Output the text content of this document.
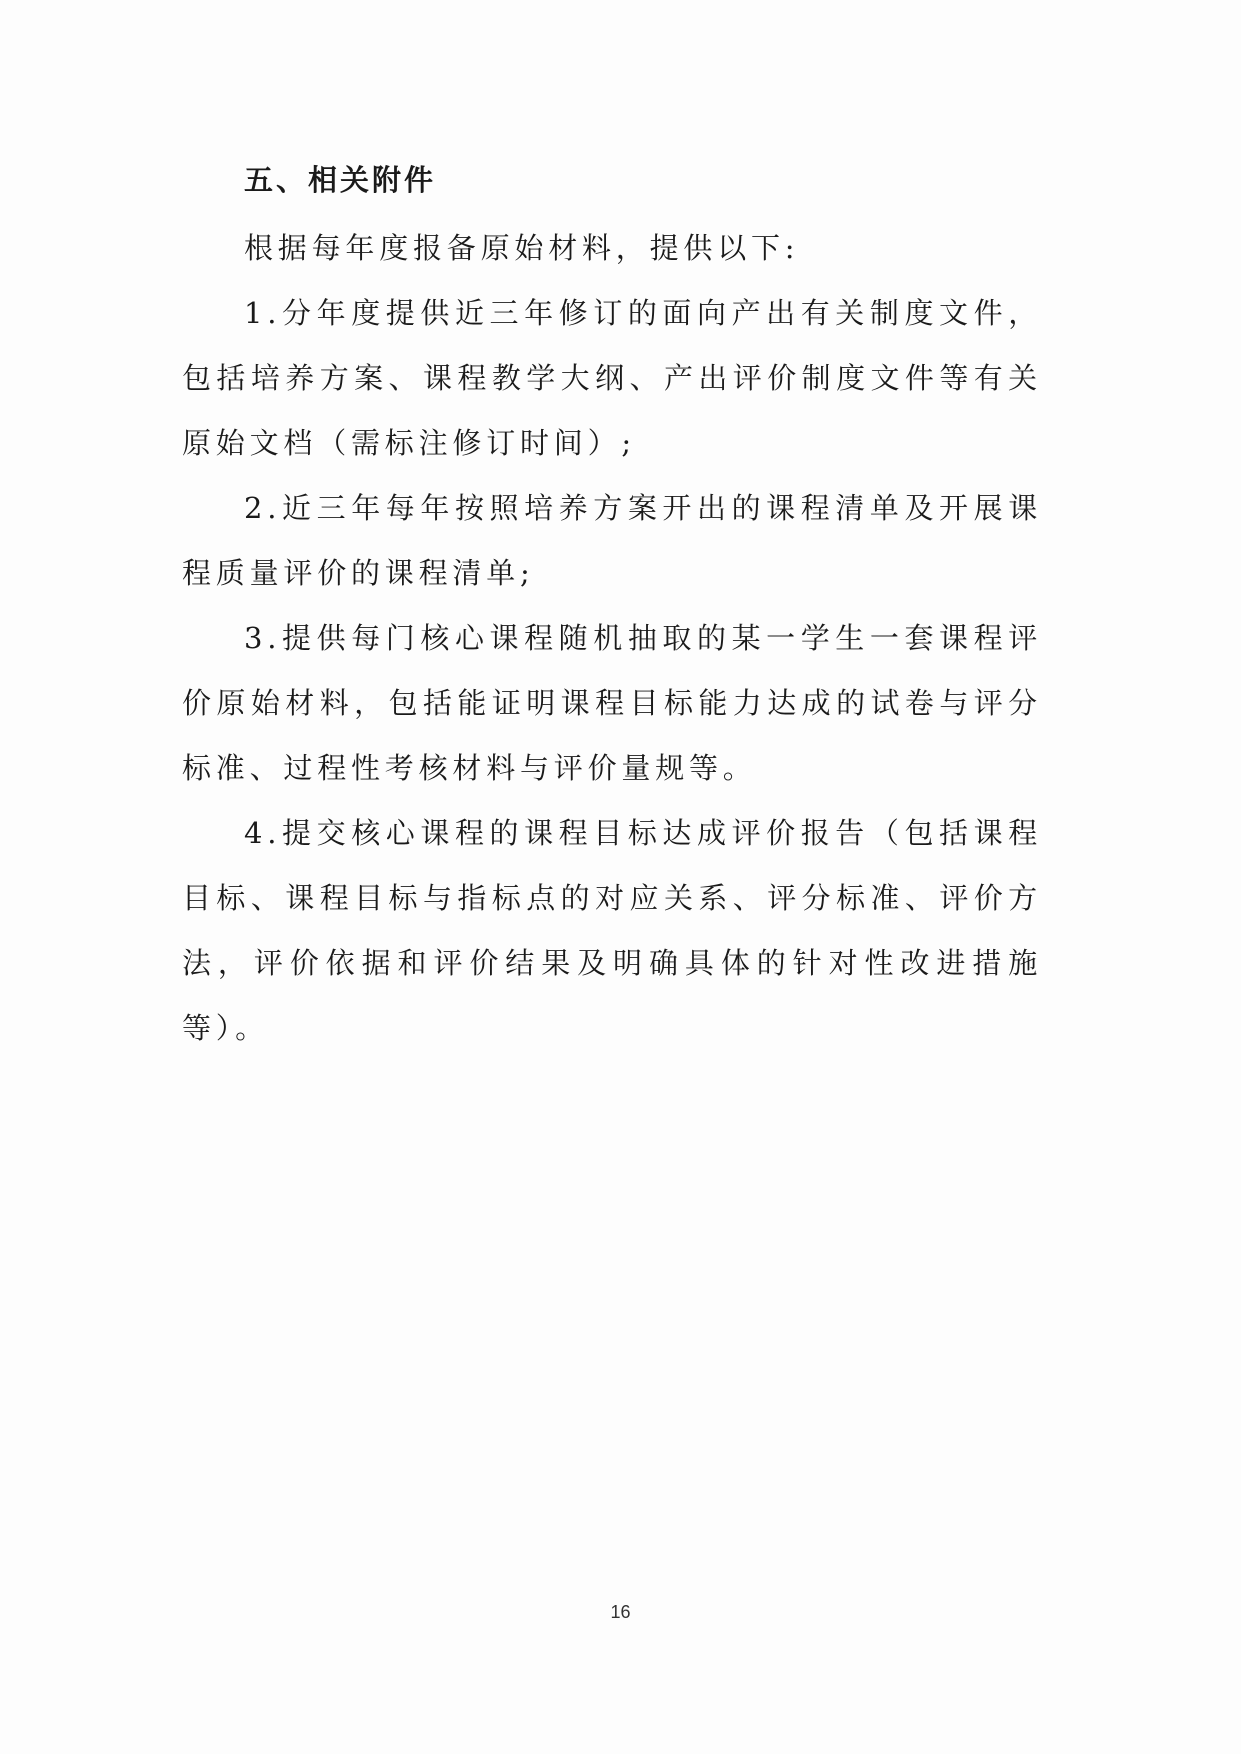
五、相关附件

根据每年度报备原始材料，提供以下:

1.分年度提供近三年修订的面向产出有关制度文件，包括培养方案、课程教学大纲、产出评价制度文件等有关原始文档（需标注修订时间）;

2.近三年每年按照培养方案开出的课程清单及开展课程质量评价的课程清单;

3.提供每门核心课程随机抽取的某一学生一套课程评价原始材料，包括能证明课程目标能力达成的试卷与评分标准、过程性考核材料与评价量规等。

4.提交核心课程的课程目标达成评价报告（包括课程目标、课程目标与指标点的对应关系、评分标准、评价方法，评价依据和评价结果及明确具体的针对性改进措施等）。

16
